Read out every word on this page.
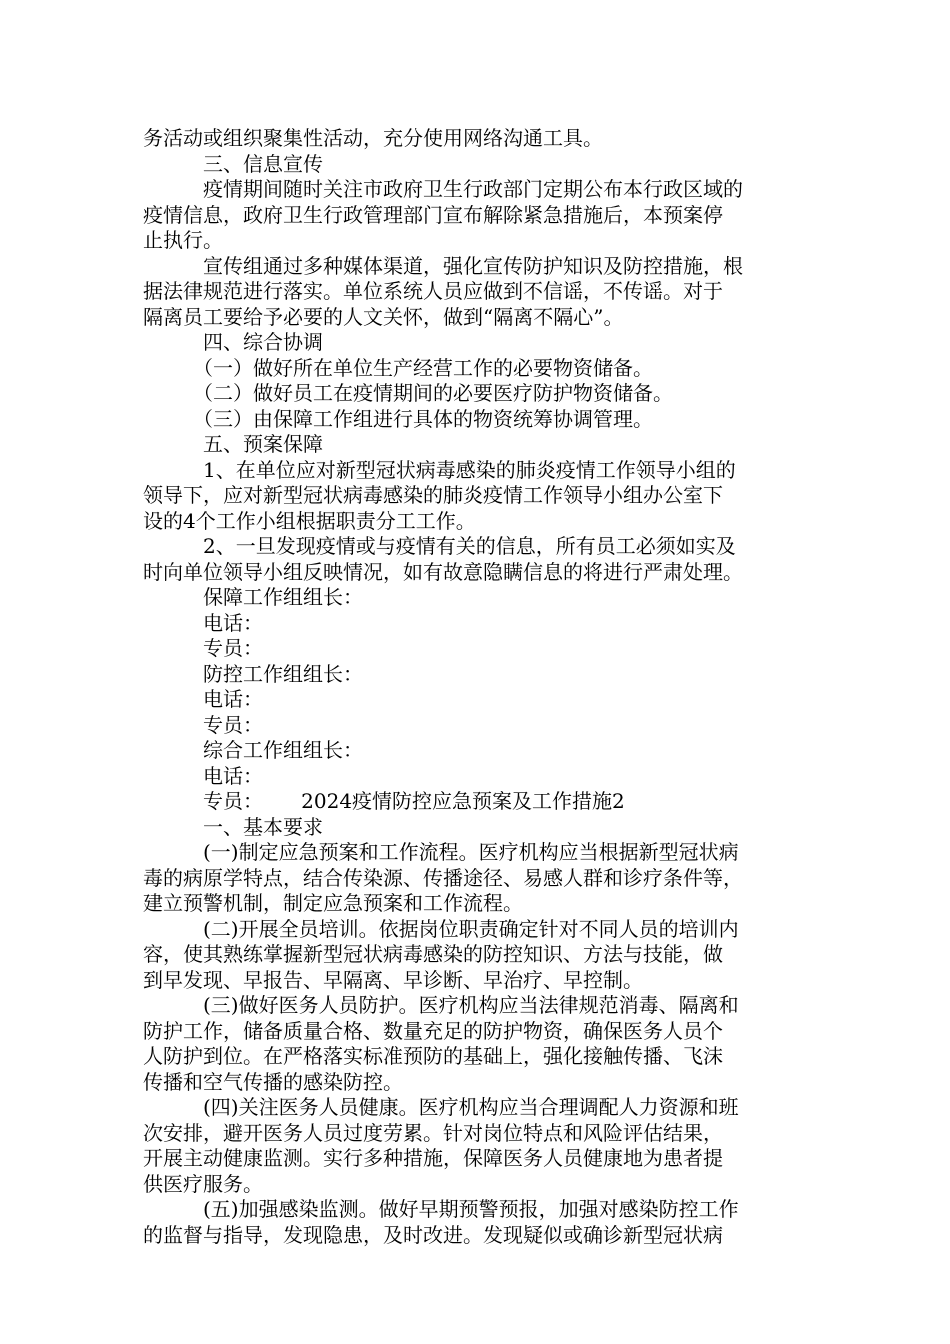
务活动或组织聚集性活动，充分使用网络沟通工具。
三、信息宣传
疫情期间随时关注市政府卫生行政部门定期公布本行政区域的
疫情信息，政府卫生行政管理部门宣布解除紧急措施后，本预案停
止执行。
宣传组通过多种媒体渠道，强化宣传防护知识及防控措施，根
据法律规范进行落实。单位系统人员应做到不信谣，不传谣。对于
隔离员工要给予必要的人文关怀，做到“隔离不隔心”。
四、综合协调
（一）做好所在单位生产经营工作的必要物资储备。
（二）做好员工在疫情期间的必要医疗防护物资储备。
（三）由保障工作组进行具体的物资统筹协调管理。
五、预案保障
1、在单位应对新型冠状病毒感染的肺炎疫情工作领导小组的
领导下，应对新型冠状病毒感染的肺炎疫情工作领导小组办公室下
设的4个工作小组根据职责分工工作。
2、一旦发现疫情或与疫情有关的信息，所有员工必须如实及
时向单位领导小组反映情况，如有故意隐瞒信息的将进行严肃处理。
保障工作组组长：
电话：
专员：
防控工作组组长：
电话：
专员：
综合工作组组长：
电话：
专员：      2024疫情防控应急预案及工作措施2
一、基本要求
(一)制定应急预案和工作流程。医疗机构应当根据新型冠状病
毒的病原学特点，结合传染源、传播途径、易感人群和诊疗条件等，
建立预警机制，制定应急预案和工作流程。
(二)开展全员培训。依据岗位职责确定针对不同人员的培训内
容，使其熟练掌握新型冠状病毒感染的防控知识、方法与技能，做
到早发现、早报告、早隔离、早诊断、早治疗、早控制。
(三)做好医务人员防护。医疗机构应当法律规范消毒、隔离和
防护工作，储备质量合格、数量充足的防护物资，确保医务人员个
人防护到位。在严格落实标准预防的基础上，强化接触传播、飞沫
传播和空气传播的感染防控。
(四)关注医务人员健康。医疗机构应当合理调配人力资源和班
次安排，避开医务人员过度劳累。针对岗位特点和风险评估结果，
开展主动健康监测。实行多种措施，保障医务人员健康地为患者提
供医疗服务。
(五)加强感染监测。做好早期预警预报，加强对感染防控工作
的监督与指导，发现隐患，及时改进。发现疑似或确诊新型冠状病
